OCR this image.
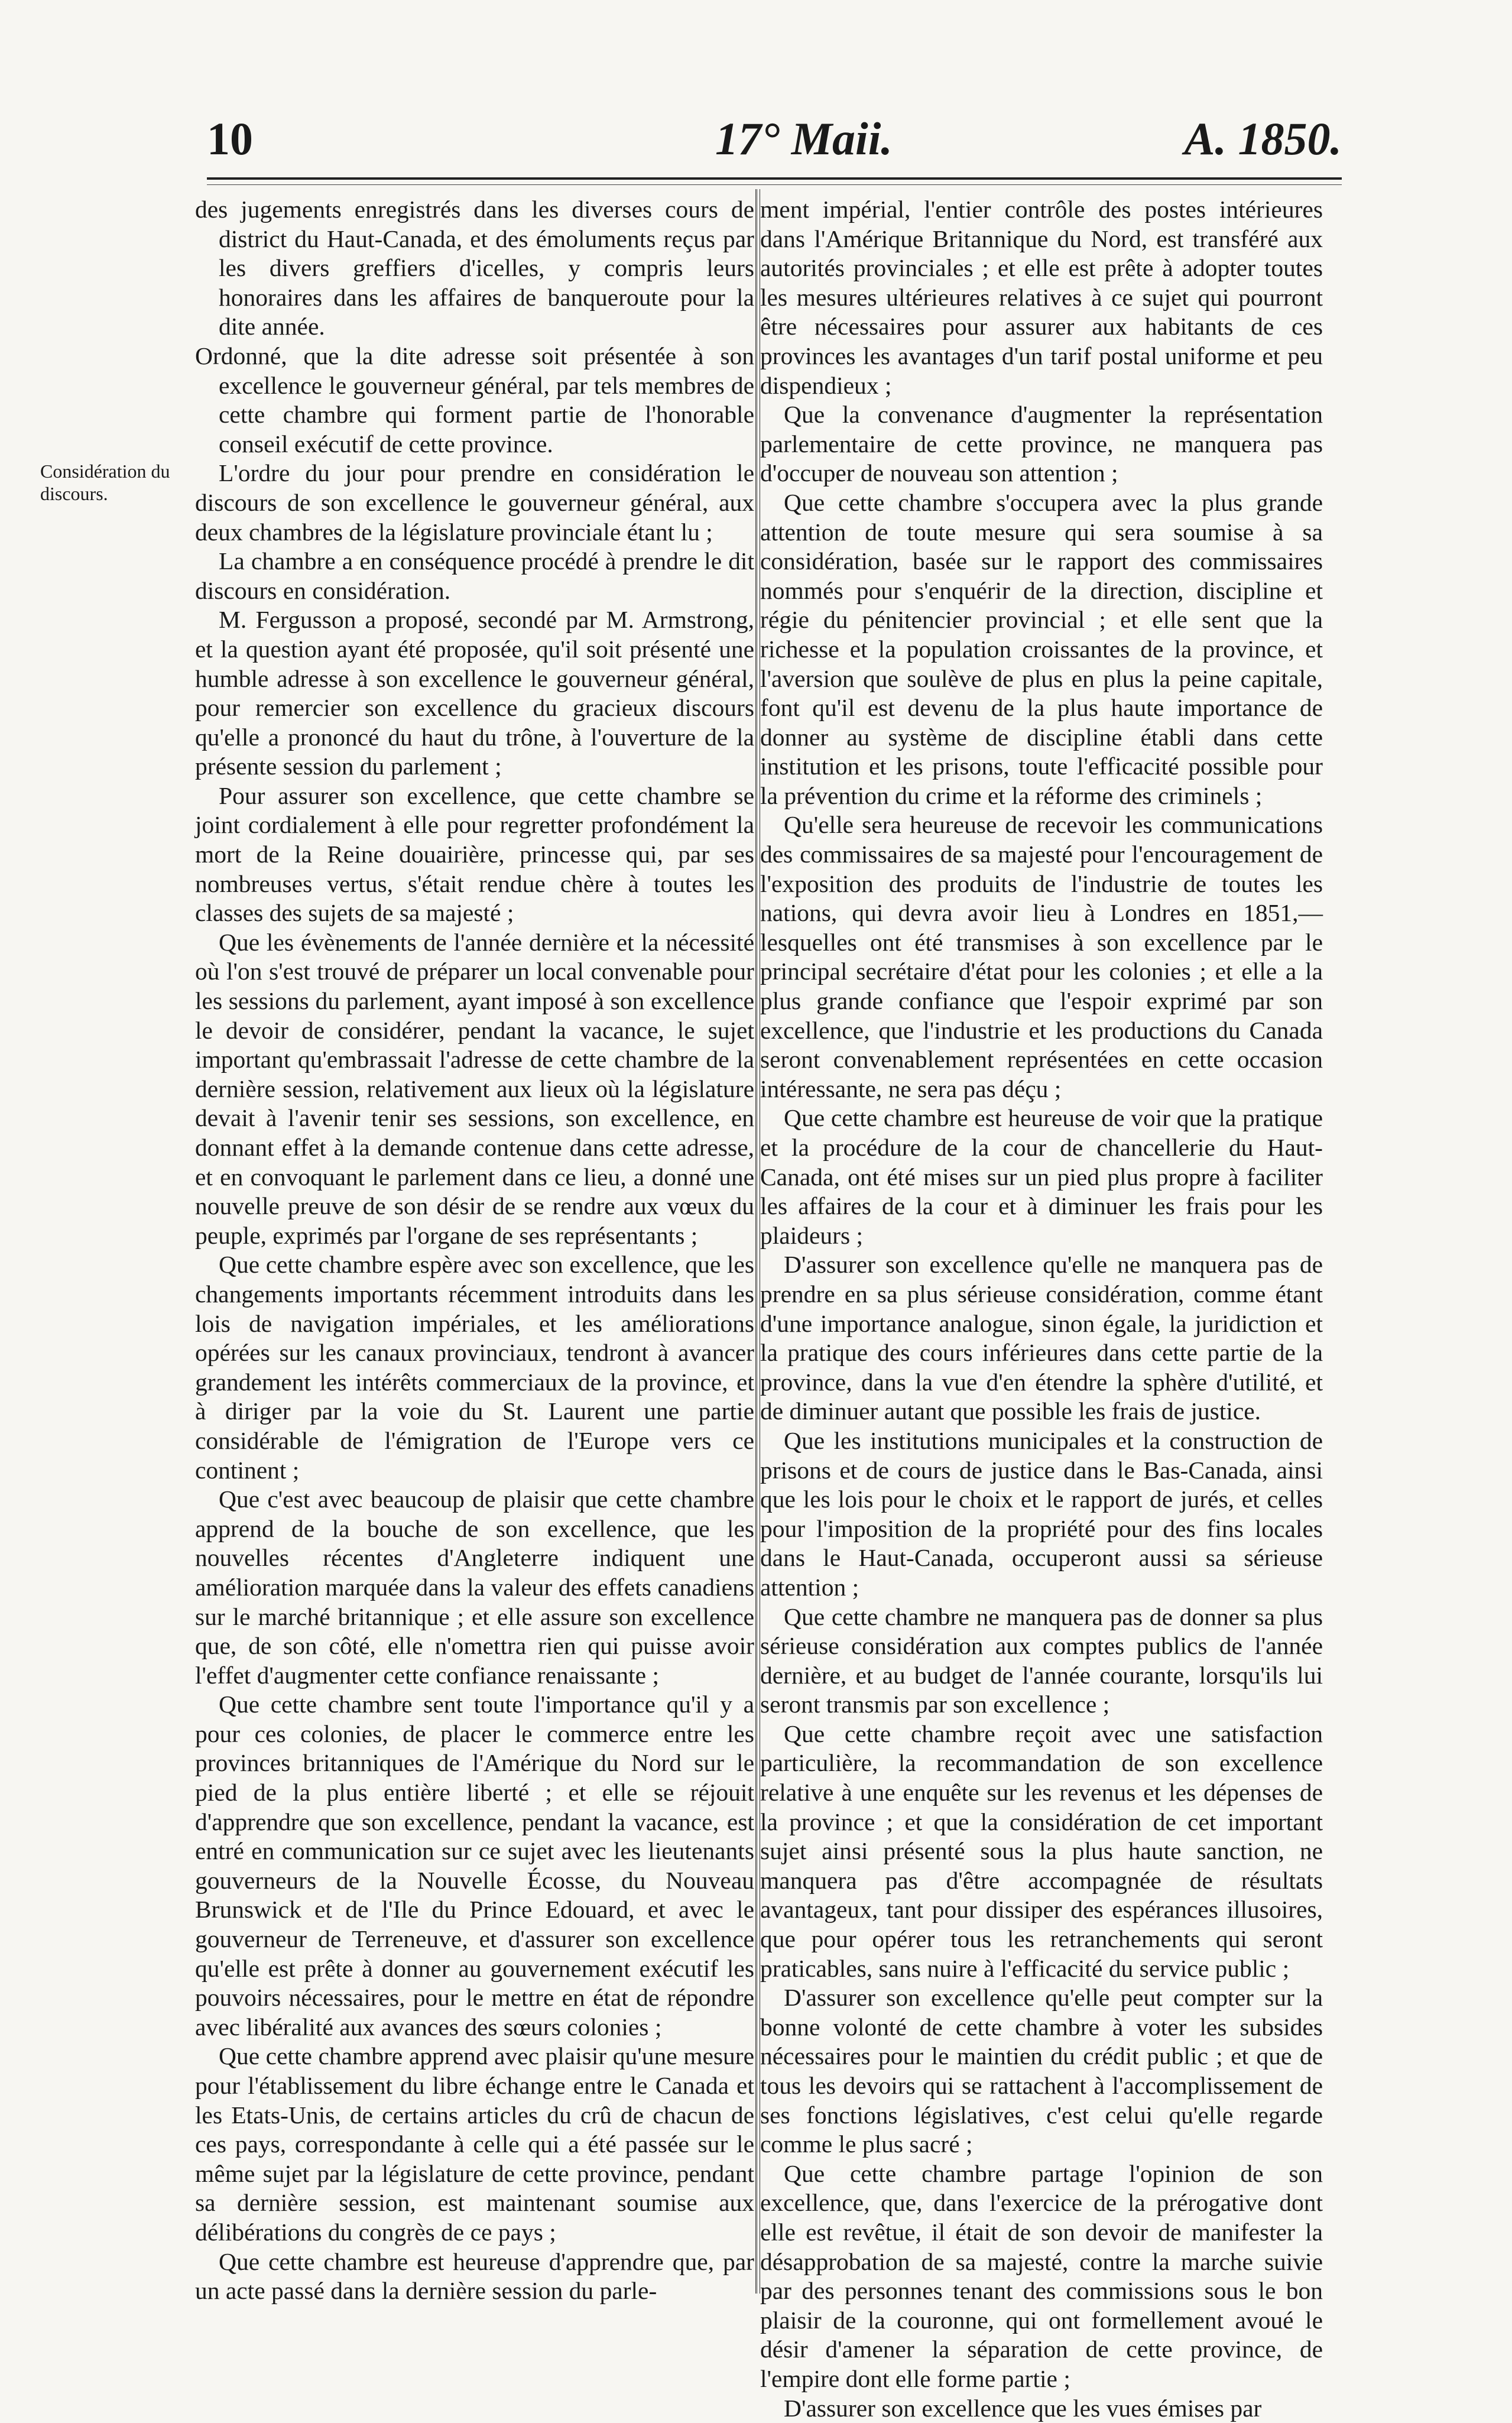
10	17° Maii.	A. 1850.
Considération du discours.

des jugements enregistrés dans les diverses cours de district du Haut-Canada, et des émoluments reçus par les divers greffiers d'icelles, y compris leurs honoraires dans les affaires de banqueroute pour la dite année.

Ordonné, que la dite adresse soit présentée à son excellence le gouverneur général, par tels membres de cette chambre qui forment partie de l'honorable conseil exécutif de cette province.

L'ordre du jour pour prendre en considération le discours de son excellence le gouverneur général, aux deux chambres de la législature provinciale étant lu ;

La chambre a en conséquence procédé à prendre le dit discours en considération.

M. Fergusson a proposé, secondé par M. Armstrong, et la question ayant été proposée, qu'il soit présenté une humble adresse à son excellence le gouverneur général, pour remercier son excellence du gracieux discours qu'elle a prononcé du haut du trône, à l'ouverture de la présente session du parlement ;

Pour assurer son excellence, que cette chambre se joint cordialement à elle pour regretter profondément la mort de la Reine douairière, princesse qui, par ses nombreuses vertus, s'était rendue chère à toutes les classes des sujets de sa majesté ;

Que les évènements de l'année dernière et la nécessité où l'on s'est trouvé de préparer un local convenable pour les sessions du parlement, ayant imposé à son excellence le devoir de considérer, pendant la vacance, le sujet important qu'embrassait l'adresse de cette chambre de la dernière session, relativement aux lieux où la législature devait à l'avenir tenir ses sessions, son excellence, en donnant effet à la demande contenue dans cette adresse, et en convoquant le parlement dans ce lieu, a donné une nouvelle preuve de son désir de se rendre aux vœux du peuple, exprimés par l'organe de ses représentants ;

Que cette chambre espère avec son excellence, que les changements importants récemment introduits dans les lois de navigation impériales, et les améliorations opérées sur les canaux provinciaux, tendront à avancer grandement les intérêts commerciaux de la province, et à diriger par la voie du St. Laurent une partie considérable de l'émigration de l'Europe vers ce continent ;

Que c'est avec beaucoup de plaisir que cette chambre apprend de la bouche de son excellence, que les nouvelles récentes d'Angleterre indiquent une amélioration marquée dans la valeur des effets canadiens sur le marché britannique ; et elle assure son excellence que, de son côté, elle n'omettra rien qui puisse avoir l'effet d'augmenter cette confiance renaissante ;

Que cette chambre sent toute l'importance qu'il y a pour ces colonies, de placer le commerce entre les provinces britanniques de l'Amérique du Nord sur le pied de la plus entière liberté ; et elle se réjouit d'apprendre que son excellence, pendant la vacance, est entré en communication sur ce sujet avec les lieutenants gouverneurs de la Nouvelle Écosse, du Nouveau Brunswick et de l'Ile du Prince Edouard, et avec le gouverneur de Terreneuve, et d'assurer son excellence qu'elle est prête à donner au gouvernement exécutif les pouvoirs nécessaires, pour le mettre en état de répondre avec libéralité aux avances des sœurs colonies ;

Que cette chambre apprend avec plaisir qu'une mesure pour l'établissement du libre échange entre le Canada et les Etats-Unis, de certains articles du crû de chacun de ces pays, correspondante à celle qui a été passée sur le même sujet par la législature de cette province, pendant sa dernière session, est maintenant soumise aux délibérations du congrès de ce pays ;

Que cette chambre est heureuse d'apprendre que, par un acte passé dans la dernière session du parle-

ment impérial, l'entier contrôle des postes intérieures dans l'Amérique Britannique du Nord, est transféré aux autorités provinciales ; et elle est prête à adopter toutes les mesures ultérieures relatives à ce sujet qui pourront être nécessaires pour assurer aux habitants de ces provinces les avantages d'un tarif postal uniforme et peu dispendieux ;

Que la convenance d'augmenter la représentation parlementaire de cette province, ne manquera pas d'occuper de nouveau son attention ;

Que cette chambre s'occupera avec la plus grande attention de toute mesure qui sera soumise à sa considération, basée sur le rapport des commissaires nommés pour s'enquérir de la direction, discipline et régie du pénitencier provincial ; et elle sent que la richesse et la population croissantes de la province, et l'aversion que soulève de plus en plus la peine capitale, font qu'il est devenu de la plus haute importance de donner au système de discipline établi dans cette institution et les prisons, toute l'efficacité possible pour la prévention du crime et la réforme des criminels ;

Qu'elle sera heureuse de recevoir les communications des commissaires de sa majesté pour l'encouragement de l'exposition des produits de l'industrie de toutes les nations, qui devra avoir lieu à Londres en 1851,—lesquelles ont été transmises à son excellence par le principal secrétaire d'état pour les colonies ; et elle a la plus grande confiance que l'espoir exprimé par son excellence, que l'industrie et les productions du Canada seront convenablement représentées en cette occasion intéressante, ne sera pas déçu ;

Que cette chambre est heureuse de voir que la pratique et la procédure de la cour de chancellerie du Haut-Canada, ont été mises sur un pied plus propre à faciliter les affaires de la cour et à diminuer les frais pour les plaideurs ;

D'assurer son excellence qu'elle ne manquera pas de prendre en sa plus sérieuse considération, comme étant d'une importance analogue, sinon égale, la juridiction et la pratique des cours inférieures dans cette partie de la province, dans la vue d'en étendre la sphère d'utilité, et de diminuer autant que possible les frais de justice.

Que les institutions municipales et la construction de prisons et de cours de justice dans le Bas-Canada, ainsi que les lois pour le choix et le rapport de jurés, et celles pour l'imposition de la propriété pour des fins locales dans le Haut-Canada, occuperont aussi sa sérieuse attention ;

Que cette chambre ne manquera pas de donner sa plus sérieuse considération aux comptes publics de l'année dernière, et au budget de l'année courante, lorsqu'ils lui seront transmis par son excellence ;

Que cette chambre reçoit avec une satisfaction particulière, la recommandation de son excellence relative à une enquête sur les revenus et les dépenses de la province ; et que la considération de cet important sujet ainsi présenté sous la plus haute sanction, ne manquera pas d'être accompagnée de résultats avantageux, tant pour dissiper des espérances illusoires, que pour opérer tous les retranchements qui seront praticables, sans nuire à l'efficacité du service public ;

D'assurer son excellence qu'elle peut compter sur la bonne volonté de cette chambre à voter les subsides nécessaires pour le maintien du crédit public ; et que de tous les devoirs qui se rattachent à l'accomplissement de ses fonctions législatives, c'est celui qu'elle regarde comme le plus sacré ;

Que cette chambre partage l'opinion de son excellence, que, dans l'exercice de la prérogative dont elle est revêtue, il était de son devoir de manifester la désapprobation de sa majesté, contre la marche suivie par des personnes tenant des commissions sous le bon plaisir de la couronne, qui ont formellement avoué le désir d'amener la séparation de cette province, de l'empire dont elle forme partie ;

D'assurer son excellence que les vues émises par
